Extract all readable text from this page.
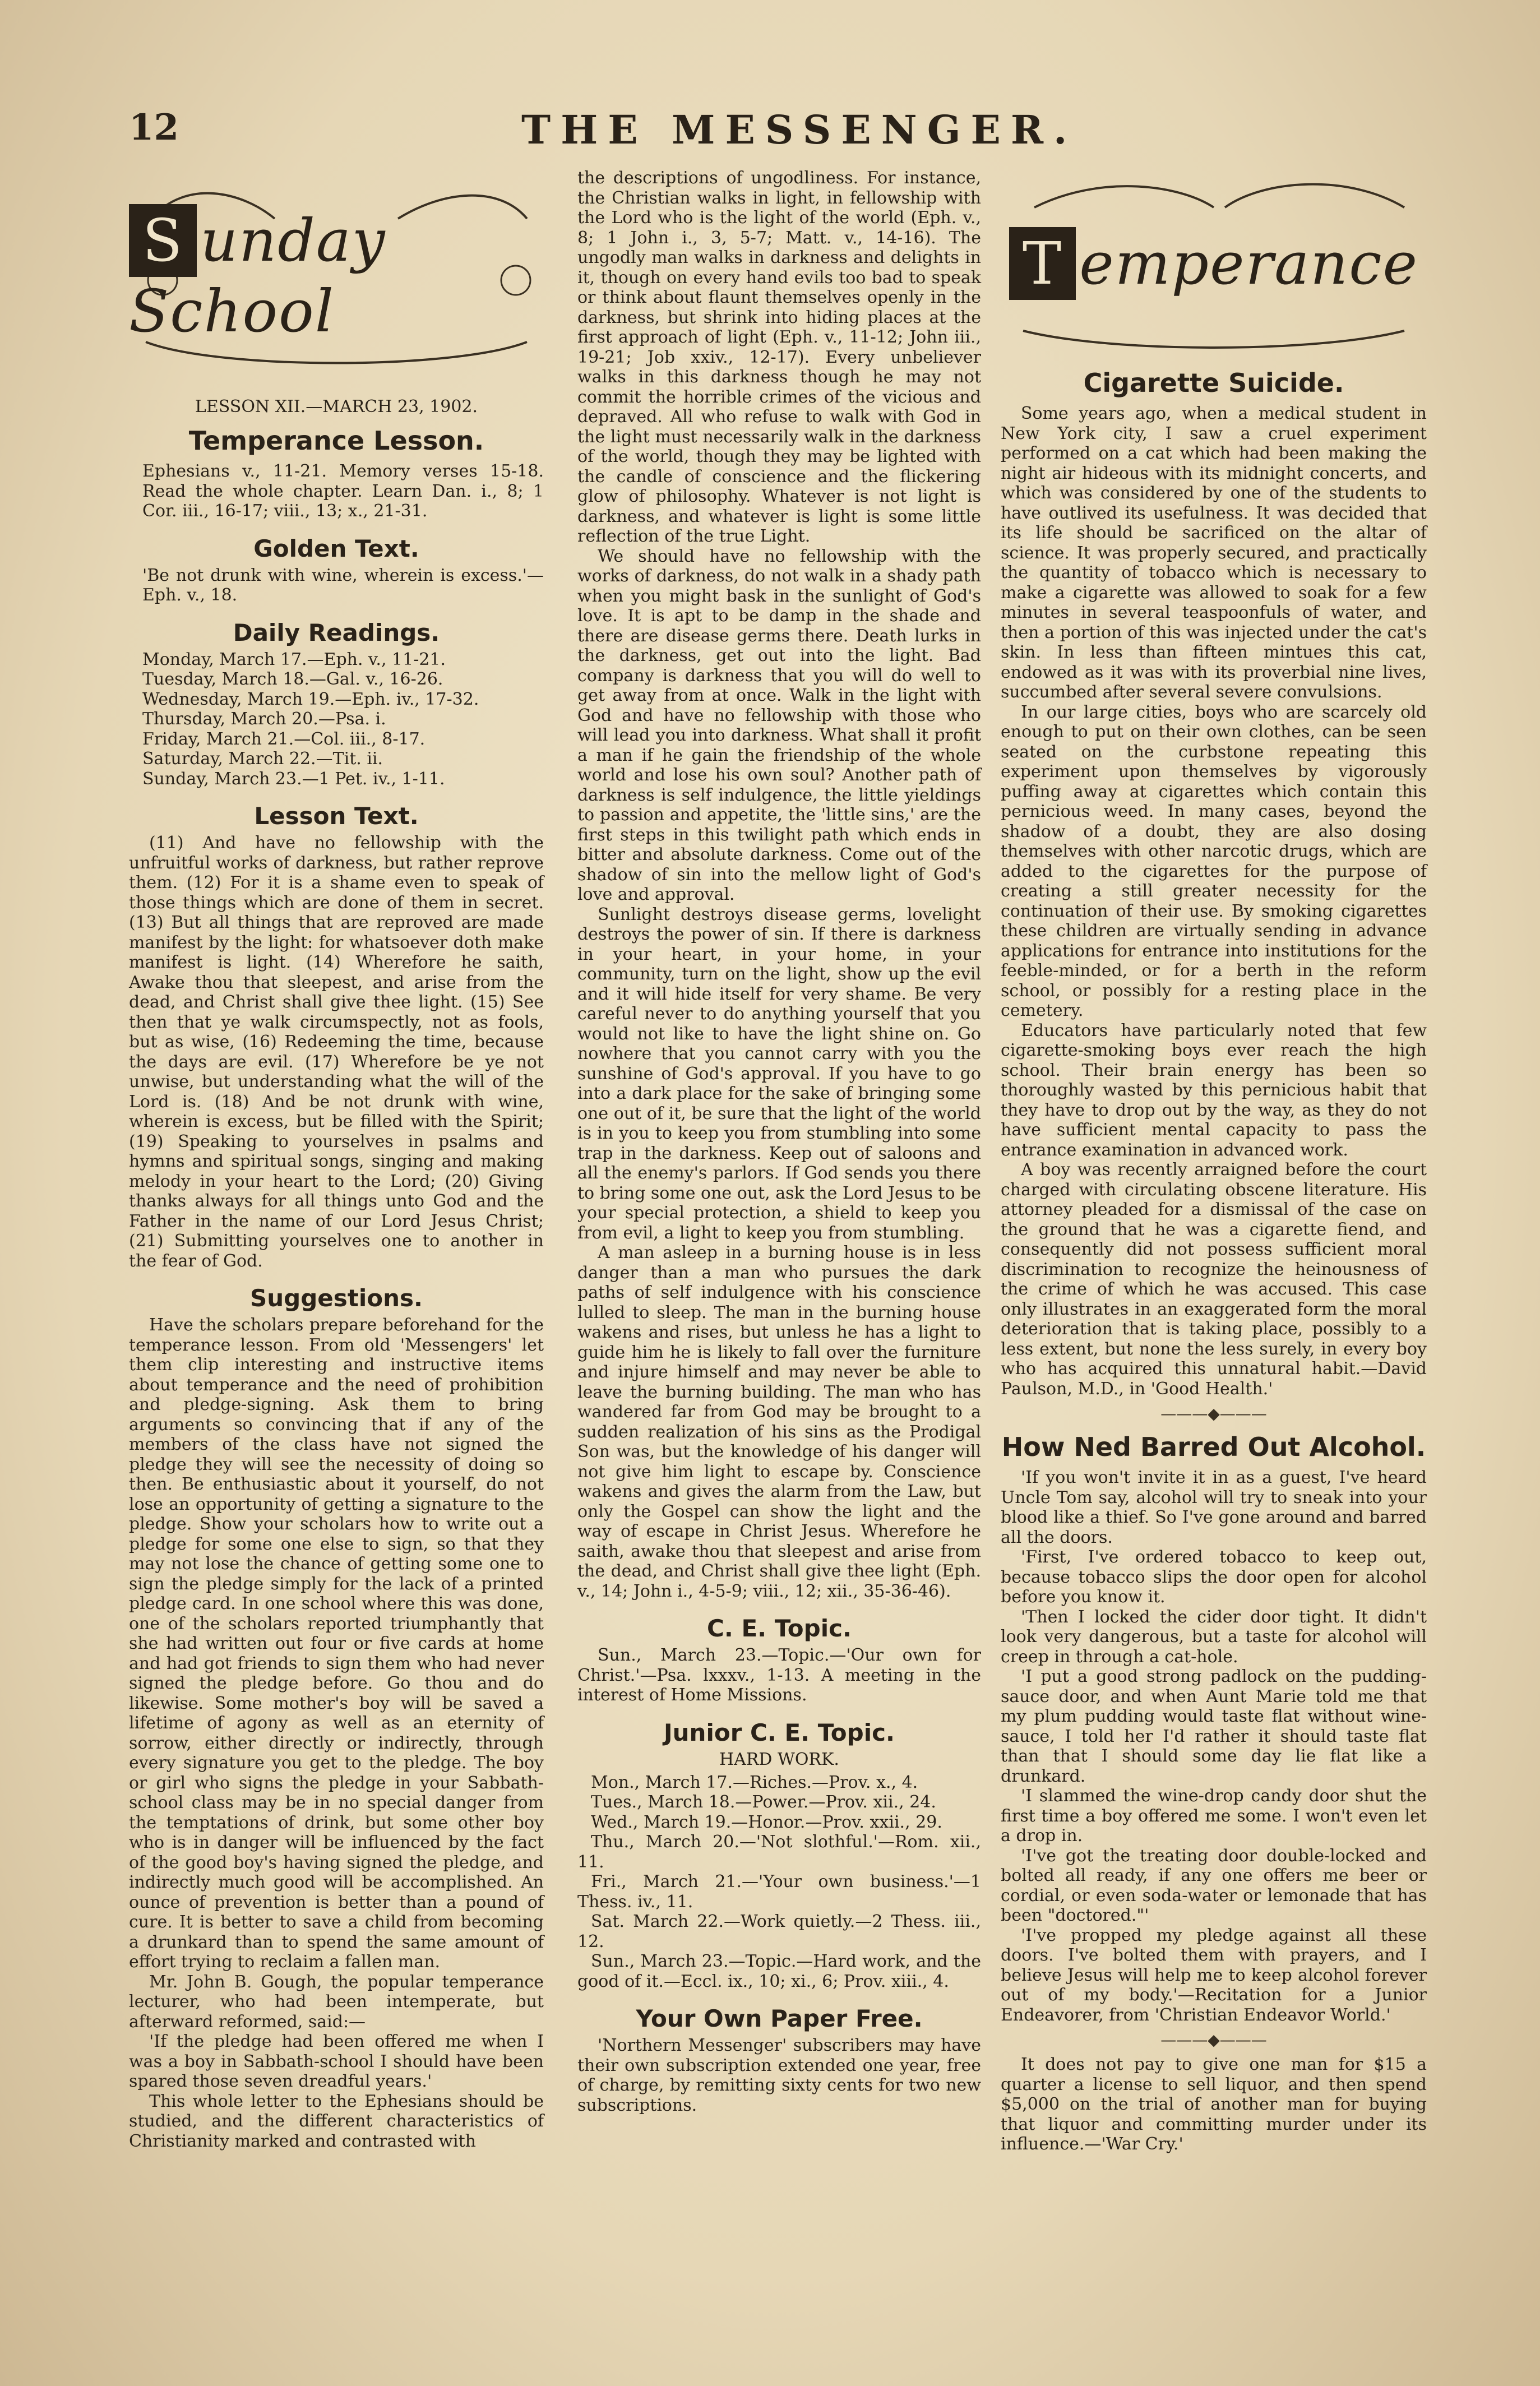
12	THE MESSENGER.
S unday School
LESSON XII.—MARCH 23, 1902.
Temperance Lesson.
Ephesians v., 11-21. Memory verses 15-18. Read the whole chapter. Learn Dan. i., 8; 1 Cor. iii., 16-17; viii., 13; x., 21-31.
Golden Text.
'Be not drunk with wine, wherein is excess.'—Eph. v., 18.
Daily Readings.
Monday, March 17.—Eph. v., 11-21.
Tuesday, March 18.—Gal. v., 16-26.
Wednesday, March 19.—Eph. iv., 17-32.
Thursday, March 20.—Psa. i.
Friday, March 21.—Col. iii., 8-17.
Saturday, March 22.—Tit. ii.
Sunday, March 23.—1 Pet. iv., 1-11.
Lesson Text.

(11) And have no fellowship with the unfruitful works of darkness, but rather reprove them. (12) For it is a shame even to speak of those things which are done of them in secret. (13) But all things that are reproved are made manifest by the light: for whatsoever doth make manifest is light. (14) Wherefore he saith, Awake thou that sleepest, and arise from the dead, and Christ shall give thee light. (15) See then that ye walk circumspectly, not as fools, but as wise, (16) Redeeming the time, because the days are evil. (17) Wherefore be ye not unwise, but understanding what the will of the Lord is. (18) And be not drunk with wine, wherein is excess, but be filled with the Spirit; (19) Speaking to yourselves in psalms and hymns and spiritual songs, singing and making melody in your heart to the Lord; (20) Giving thanks always for all things unto God and the Father in the name of our Lord Jesus Christ; (21) Submitting yourselves one to another in the fear of God.

Suggestions.

Have the scholars prepare beforehand for the temperance lesson. From old 'Messengers' let them clip interesting and instructive items about temperance and the need of prohibition and pledge-signing. Ask them to bring arguments so convincing that if any of the members of the class have not signed the pledge they will see the necessity of doing so then. Be enthusiastic about it yourself, do not lose an opportunity of getting a signature to the pledge. Show your scholars how to write out a pledge for some one else to sign, so that they may not lose the chance of getting some one to sign the pledge simply for the lack of a printed pledge card. In one school where this was done, one of the scholars reported triumphantly that she had written out four or five cards at home and had got friends to sign them who had never signed the pledge before. Go thou and do likewise. Some mother's boy will be saved a lifetime of agony as well as an eternity of sorrow, either directly or indirectly, through every signature you get to the pledge. The boy or girl who signs the pledge in your Sabbath-school class may be in no special danger from the temptations of drink, but some other boy who is in danger will be influenced by the fact of the good boy's having signed the pledge, and indirectly much good will be accomplished. An ounce of prevention is better than a pound of cure. It is better to save a child from becoming a drunkard than to spend the same amount of effort trying to reclaim a fallen man.

Mr. John B. Gough, the popular temperance lecturer, who had been intemperate, but afterward reformed, said:—

'If the pledge had been offered me when I was a boy in Sabbath-school I should have been spared those seven dreadful years.'

This whole letter to the Ephesians should be studied, and the different characteristics of Christianity marked and contrasted with

the descriptions of ungodliness. For instance, the Christian walks in light, in fellowship with the Lord who is the light of the world (Eph. v., 8; 1 John i., 3, 5-7; Matt. v., 14-16). The ungodly man walks in darkness and delights in it, though on every hand evils too bad to speak or think about flaunt themselves openly in the darkness, but shrink into hiding places at the first approach of light (Eph. v., 11-12; John iii., 19-21; Job xxiv., 12-17). Every unbeliever walks in this darkness though he may not commit the horrible crimes of the vicious and depraved. All who refuse to walk with God in the light must necessarily walk in the darkness of the world, though they may be lighted with the candle of conscience and the flickering glow of philosophy. Whatever is not light is darkness, and whatever is light is some little reflection of the true Light.

We should have no fellowship with the works of darkness, do not walk in a shady path when you might bask in the sunlight of God's love. It is apt to be damp in the shade and there are disease germs there. Death lurks in the darkness, get out into the light. Bad company is darkness that you will do well to get away from at once. Walk in the light with God and have no fellowship with those who will lead you into darkness. What shall it profit a man if he gain the friendship of the whole world and lose his own soul? Another path of darkness is self indulgence, the little yieldings to passion and appetite, the 'little sins,' are the first steps in this twilight path which ends in bitter and absolute darkness. Come out of the shadow of sin into the mellow light of God's love and approval.

Sunlight destroys disease germs, lovelight destroys the power of sin. If there is darkness in your heart, in your home, in your community, turn on the light, show up the evil and it will hide itself for very shame. Be very careful never to do anything yourself that you would not like to have the light shine on. Go nowhere that you cannot carry with you the sunshine of God's approval. If you have to go into a dark place for the sake of bringing some one out of it, be sure that the light of the world is in you to keep you from stumbling into some trap in the darkness. Keep out of saloons and all the enemy's parlors. If God sends you there to bring some one out, ask the Lord Jesus to be your special protection, a shield to keep you from evil, a light to keep you from stumbling.

A man asleep in a burning house is in less danger than a man who pursues the dark paths of self indulgence with his conscience lulled to sleep. The man in the burning house wakens and rises, but unless he has a light to guide him he is likely to fall over the furniture and injure himself and may never be able to leave the burning building. The man who has wandered far from God may be brought to a sudden realization of his sins as the Prodigal Son was, but the knowledge of his danger will not give him light to escape by. Conscience wakens and gives the alarm from the Law, but only the Gospel can show the light and the way of escape in Christ Jesus. Wherefore he saith, awake thou that sleepest and arise from the dead, and Christ shall give thee light (Eph. v., 14; John i., 4-5-9; viii., 12; xii., 35-36-46).

C. E. Topic.

Sun., March 23.—Topic.—'Our own for Christ.'—Psa. lxxxv., 1-13. A meeting in the interest of Home Missions.

Junior C. E. Topic.
HARD WORK.

Mon., March 17.—Riches.—Prov. x., 4.

Tues., March 18.—Power.—Prov. xii., 24.

Wed., March 19.—Honor.—Prov. xxii., 29.

Thu., March 20.—'Not slothful.'—Rom. xii., 11.

Fri., March 21.—'Your own business.'—1 Thess. iv., 11.

Sat. March 22.—Work quietly.—2 Thess. iii., 12.

Sun., March 23.—Topic.—Hard work, and the good of it.—Eccl. ix., 10; xi., 6; Prov. xiii., 4.

Your Own Paper Free.

'Northern Messenger' subscribers may have their own subscription extended one year, free of charge, by remitting sixty cents for two new subscriptions.

T emperance
Cigarette Suicide.

Some years ago, when a medical student in New York city, I saw a cruel experiment performed on a cat which had been making the night air hideous with its midnight concerts, and which was considered by one of the students to have outlived its usefulness. It was decided that its life should be sacrificed on the altar of science. It was properly secured, and practically the quantity of tobacco which is necessary to make a cigarette was allowed to soak for a few minutes in several teaspoonfuls of water, and then a portion of this was injected under the cat's skin. In less than fifteen mintues this cat, endowed as it was with its proverbial nine lives, succumbed after several severe convulsions.

In our large cities, boys who are scarcely old enough to put on their own clothes, can be seen seated on the curbstone repeating this experiment upon themselves by vigorously puffing away at cigarettes which contain this pernicious weed. In many cases, beyond the shadow of a doubt, they are also dosing themselves with other narcotic drugs, which are added to the cigarettes for the purpose of creating a still greater necessity for the continuation of their use. By smoking cigarettes these children are virtually sending in advance applications for entrance into institutions for the feeble-minded, or for a berth in the reform school, or possibly for a resting place in the cemetery.

Educators have particularly noted that few cigarette-smoking boys ever reach the high school. Their brain energy has been so thoroughly wasted by this pernicious habit that they have to drop out by the way, as they do not have sufficient mental capacity to pass the entrance examination in advanced work.

A boy was recently arraigned before the court charged with circulating obscene literature. His attorney pleaded for a dismissal of the case on the ground that he was a cigarette fiend, and consequently did not possess sufficient moral discrimination to recognize the heinousness of the crime of which he was accused. This case only illustrates in an exaggerated form the moral deterioration that is taking place, possibly to a less extent, but none the less surely, in every boy who has acquired this unnatural habit.—David Paulson, M.D., in 'Good Health.'

———◆———
How Ned Barred Out Alcohol.

'If you won't invite it in as a guest, I've heard Uncle Tom say, alcohol will try to sneak into your blood like a thief. So I've gone around and barred all the doors.

'First, I've ordered tobacco to keep out, because tobacco slips the door open for alcohol before you know it.

'Then I locked the cider door tight. It didn't look very dangerous, but a taste for alcohol will creep in through a cat-hole.

'I put a good strong padlock on the pudding-sauce door, and when Aunt Marie told me that my plum pudding would taste flat without wine-sauce, I told her I'd rather it should taste flat than that I should some day lie flat like a drunkard.

'I slammed the wine-drop candy door shut the first time a boy offered me some. I won't even let a drop in.

'I've got the treating door double-locked and bolted all ready, if any one offers me beer or cordial, or even soda-water or lemonade that has been "doctored."'

'I've propped my pledge against all these doors. I've bolted them with prayers, and I believe Jesus will help me to keep alcohol forever out of my body.'—Recitation for a Junior Endeavorer, from 'Christian Endeavor World.'

———◆———

It does not pay to give one man for $15 a quarter a license to sell liquor, and then spend $5,000 on the trial of another man for buying that liquor and committing murder under its influence.—'War Cry.'
